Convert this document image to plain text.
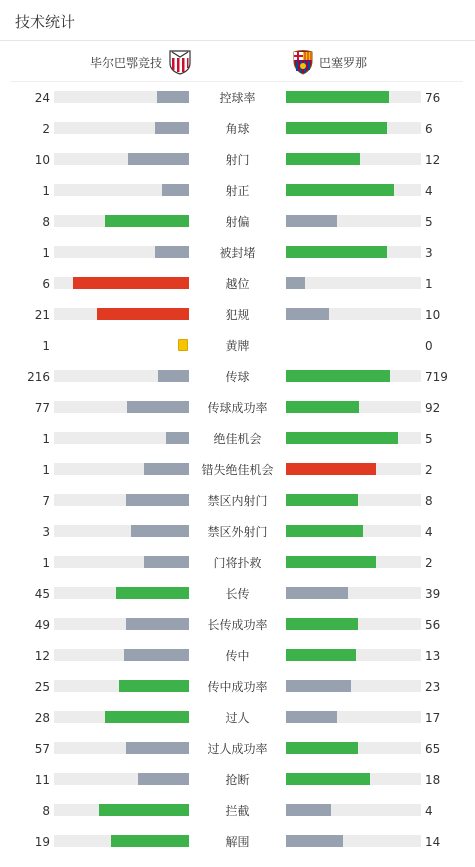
技术统计
毕尔巴鄂竞技	巴塞罗那
24	控球率	76
2	角球	6
10	射门	12
1	射正	4
8	射偏	5
1	被封堵	3
6	越位	1
21	犯规	10
1	黄牌	0
216	传球	719
77	传球成功率	92
1	绝佳机会	5
1	错失绝佳机会	2
7	禁区内射门	8
3	禁区外射门	4
1	门将扑救	2
45	长传	39
49	长传成功率	56
12	传中	13
25	传中成功率	23
28	过人	17
57	过人成功率	65
11	抢断	18
8	拦截	4
19	解围	14
